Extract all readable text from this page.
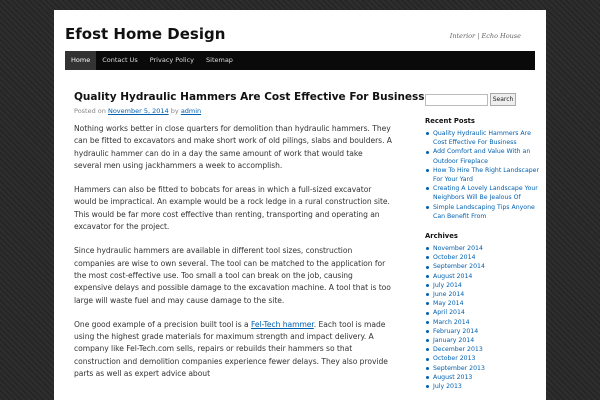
Efost Home Design	Interior | Echo House
Home	Contact Us	Privacy Policy	Sitemap
Quality Hydraulic Hammers Are Cost Effective For Business
Posted on November 5, 2014 by admin

Nothing works better in close quarters for demolition than hydraulic hammers. They can be fitted to excavators and make short work of old pilings, slabs and boulders. A hydraulic hammer can do in a day the same amount of work that would take several men using jackhammers a week to accomplish.

Hammers can also be fitted to bobcats for areas in which a full-sized excavator would be impractical. An example would be a rock ledge in a rural construction site. This would be far more cost effective than renting, transporting and operating an excavator for the project.

Since hydraulic hammers are available in different tool sizes, construction companies are wise to own several. The tool can be matched to the application for the most cost-effective use. Too small a tool can break on the job, causing expensive delays and possible damage to the excavation machine. A tool that is too large will waste fuel and may cause damage to the site.

One good example of a precision built tool is a Fel-Tech hammer. Each tool is made using the highest grade materials for maximum strength and impact delivery. A company like Fel-Tech.com sells, repairs or rebuilds their hammers so that construction and demolition companies experience fewer delays. They also provide parts as well as expert advice about

Search
Recent Posts
Quality Hydraulic Hammers Are Cost Effective For Business
Add Comfort and Value With an Outdoor Fireplace
How To Hire The Right Landscaper For Your Yard
Creating A Lovely Landscape Your Neighbors Will Be Jealous Of
Simple Landscaping Tips Anyone Can Benefit From
Archives
November 2014
October 2014
September 2014
August 2014
July 2014
June 2014
May 2014
April 2014
March 2014
February 2014
January 2014
December 2013
October 2013
September 2013
August 2013
July 2013
